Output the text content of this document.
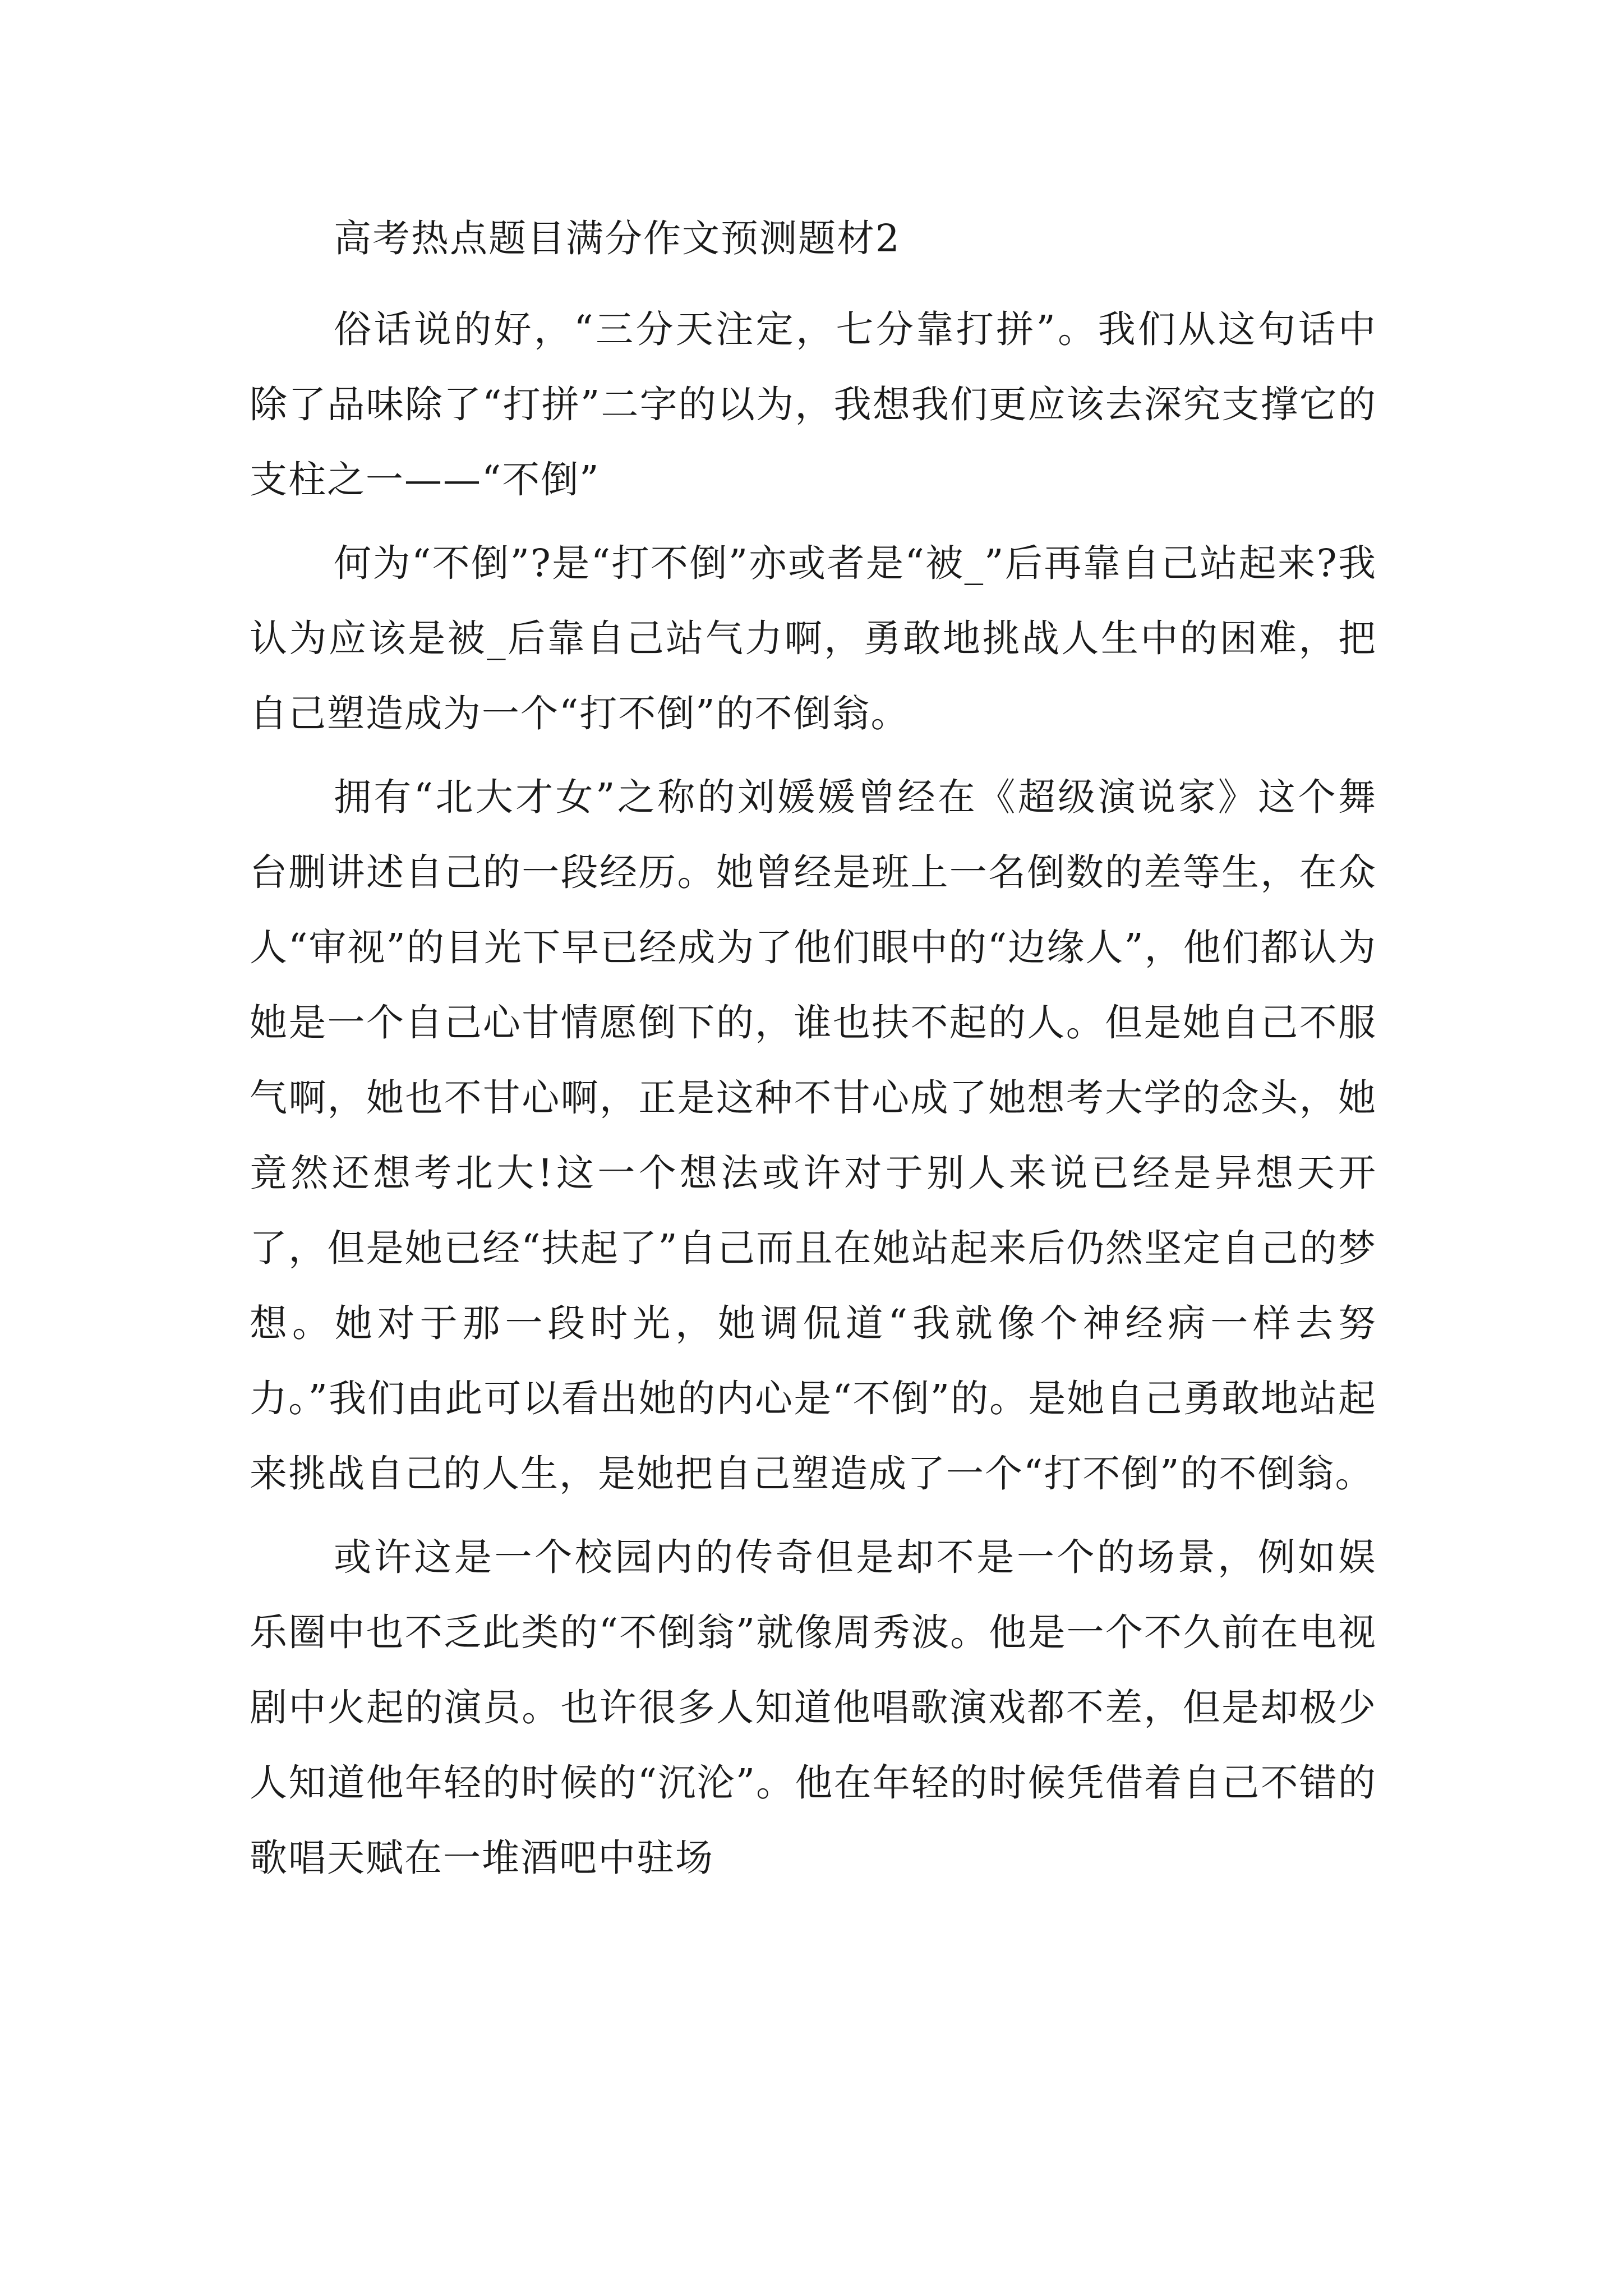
高考热点题目满分作文预测题材2

俗话说的好，“三分天注定，七分靠打拼”。我们从这句话中除了品味除了“打拼”二字的以为，我想我们更应该去深究支撑它的支柱之一——“不倒”

何为“不倒”?是“打不倒”亦或者是“被_”后再靠自己站起来?我认为应该是被_后靠自己站气力啊，勇敢地挑战人生中的困难，把自己塑造成为一个“打不倒”的不倒翁。

拥有“北大才女”之称的刘媛媛曾经在《超级演说家》这个舞台删讲述自己的一段经历。她曾经是班上一名倒数的差等生，在众人“审视”的目光下早已经成为了他们眼中的“边缘人”，他们都认为她是一个自己心甘情愿倒下的，谁也扶不起的人。但是她自己不服气啊，她也不甘心啊，正是这种不甘心成了她想考大学的念头，她竟然还想考北大!这一个想法或许对于别人来说已经是异想天开了，但是她已经“扶起了”自己而且在她站起来后仍然坚定自己的梦想。她对于那一段时光，她调侃道“我就像个神经病一样去努力。”我们由此可以看出她的内心是“不倒”的。是她自己勇敢地站起来挑战自己的人生，是她把自己塑造成了一个“打不倒”的不倒翁。

或许这是一个校园内的传奇但是却不是一个的场景，例如娱乐圈中也不乏此类的“不倒翁”就像周秀波。他是一个不久前在电视剧中火起的演员。也许很多人知道他唱歌演戏都不差，但是却极少人知道他年轻的时候的“沉沦”。他在年轻的时候凭借着自己不错的歌唱天赋在一堆酒吧中驻场
